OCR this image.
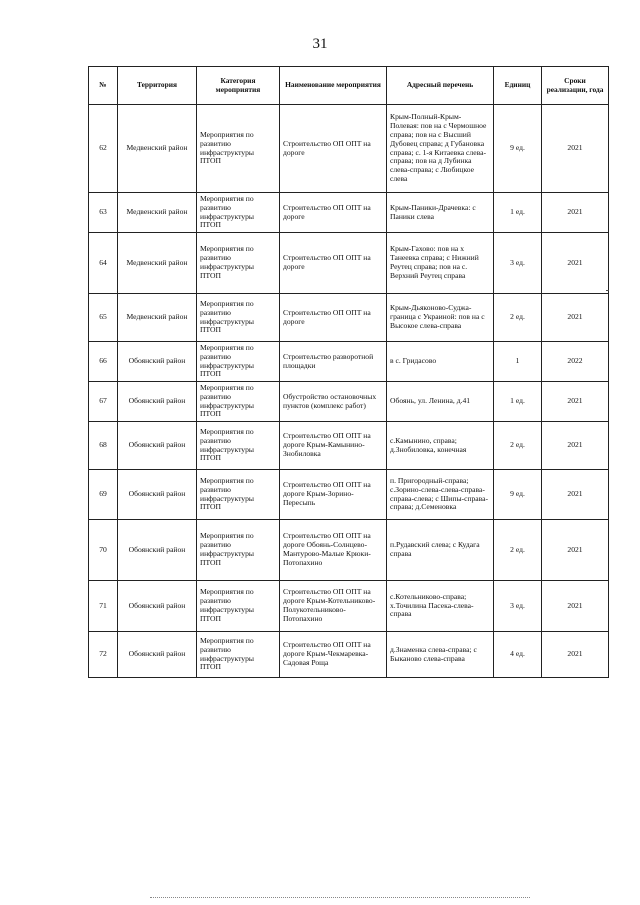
31
№	Территория	Категория мероприятия	Наименование мероприятия	Адресный перечень	Единиц	Сроки реализации, года
62	Медвенский район	Мероприятия по развитию инфраструктуры ПТОП	Строительство ОП ОПТ на дороге	Крым-Полный-Крым-Полевая: пов на с Чермошное справа; пов на с Высший Дубовец справа; д Губановка справа; с. 1-я Китаевка слева-справа; пов на д Лубинка слева-справа; с Любицкое слева	9 ед.	2021
63	Медвенский район	Мероприятия по развитию инфраструктуры ПТОП	Строительство ОП ОПТ на дороге	Крым-Паники-Драчевка: с Паники слева	1 ед.	2021
64	Медвенский район	Мероприятия по развитию инфраструктуры ПТОП	Строительство ОП ОПТ на дороге	Крым-Гахово: пов на х Танеевка справа; с Нижний Реутец справа; пов на с. Верхний Реутец справа	3 ед.	2021
65	Медвенский район	Мероприятия по развитию инфраструктуры ПТОП	Строительство ОП ОПТ на дороге	Крым-Дьяконово-Суджа-граница с Украиной: пов на с Высокое слева-справа	2 ед.	2021
66	Обоянский район	Мероприятия по развитию инфраструктуры ПТОП	Строительство разворотной площадки	в с. Гридасово	1	2022
67	Обоянский район	Мероприятия по развитию инфраструктуры ПТОП	Обустройство остановочных пунктов (комплекс работ)	Обоянь, ул. Ленина, д.41	1 ед.	2021
68	Обоянский район	Мероприятия по развитию инфраструктуры ПТОП	Строительство ОП ОПТ на дороге Крым-Камынино-Знобиловка	с.Камынино, справа; д.Знобиловка, конечная	2 ед.	2021
69	Обоянский район	Мероприятия по развитию инфраструктуры ПТОП	Строительство ОП ОПТ на дороге Крым-Зорино-Пересыпь	п. Пригородный-справа; с.Зорино-слева-слева-справа-справа-слева; с Шипы-справа-справа; д.Семеновка	9 ед.	2021
70	Обоянский район	Мероприятия по развитию инфраструктуры ПТОП	Строительство ОП ОПТ на дороге Обоянь-Солнцево-Мантурово-Малые Крюки-Потопахино	п.Рудавский слева; с Кудага справа	2 ед.	2021
71	Обоянский район	Мероприятия по развитию инфраструктуры ПТОП	Строительство ОП ОПТ на дороге Крым-Котельниково-Полукотельниково-Потопахино	с.Котельниково-справа; х.Точилина Пасека-слева-справа	3 ед.	2021
72	Обоянский район	Мероприятия по развитию инфраструктуры ПТОП	Строительство ОП ОПТ на дороге Крым-Чекмаревка-Садовая Роща	д.Знаменка слева-справа; с Быканово слева-справа	4 ед.	2021
